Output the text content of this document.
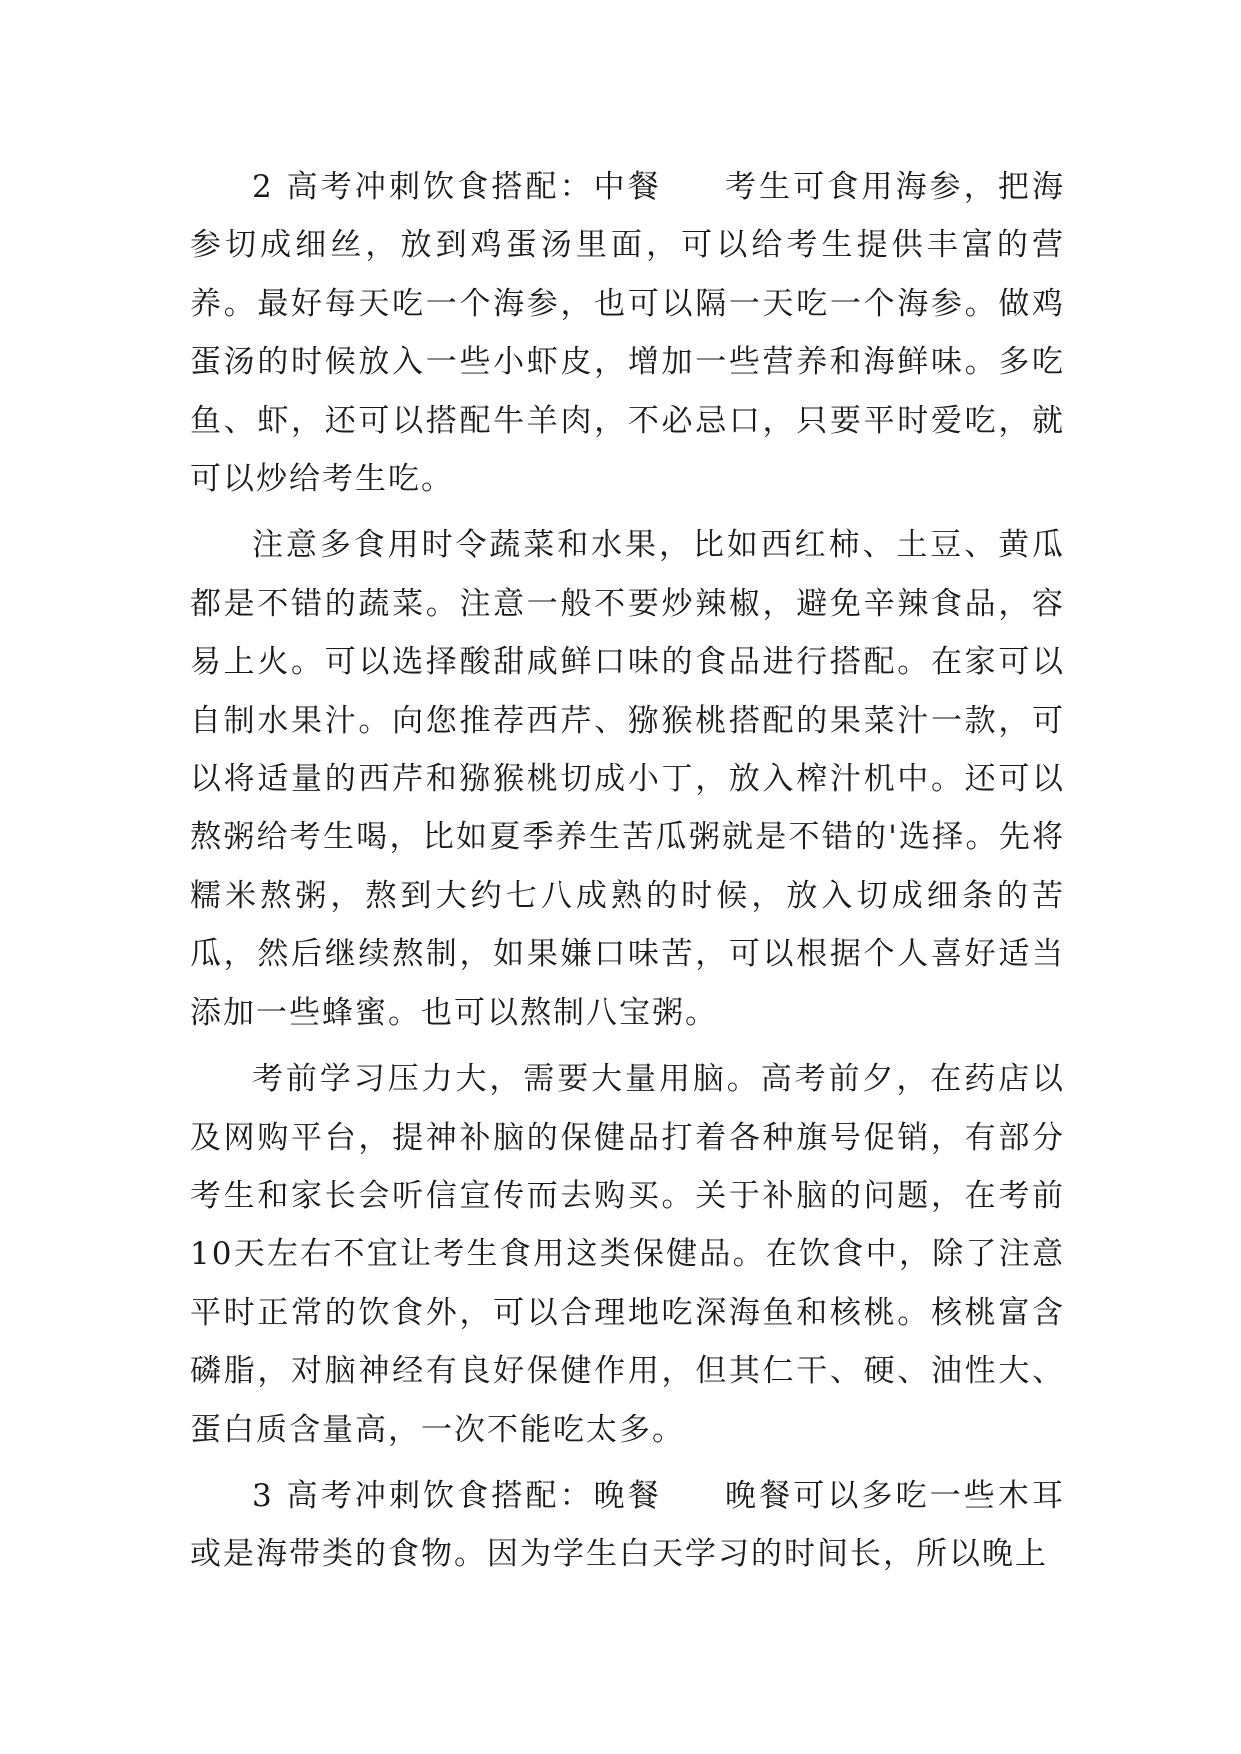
2 高考冲刺饮食搭配：中餐 考生可食用海参，把海参切成细丝，放到鸡蛋汤里面，可以给考生提供丰富的营养。最好每天吃一个海参，也可以隔一天吃一个海参。做鸡蛋汤的时候放入一些小虾皮，增加一些营养和海鲜味。多吃鱼、虾，还可以搭配牛羊肉，不必忌口，只要平时爱吃，就可以炒给考生吃。

注意多食用时令蔬菜和水果，比如西红柿、土豆、黄瓜都是不错的蔬菜。注意一般不要炒辣椒，避免辛辣食品，容易上火。可以选择酸甜咸鲜口味的食品进行搭配。在家可以自制水果汁。向您推荐西芹、猕猴桃搭配的果菜汁一款，可以将适量的西芹和猕猴桃切成小丁，放入榨汁机中。还可以熬粥给考生喝，比如夏季养生苦瓜粥就是不错的'选择。先将糯米熬粥，熬到大约七八成熟的时候，放入切成细条的苦瓜，然后继续熬制，如果嫌口味苦，可以根据个人喜好适当添加一些蜂蜜。也可以熬制八宝粥。

考前学习压力大，需要大量用脑。高考前夕，在药店以及网购平台，提神补脑的保健品打着各种旗号促销，有部分考生和家长会听信宣传而去购买。关于补脑的问题，在考前10天左右不宜让考生食用这类保健品。在饮食中，除了注意平时正常的饮食外，可以合理地吃深海鱼和核桃。核桃富含磷脂，对脑神经有良好保健作用，但其仁干、硬、油性大、蛋白质含量高，一次不能吃太多。

3 高考冲刺饮食搭配：晚餐 晚餐可以多吃一些木耳或是海带类的食物。因为学生白天学习的时间长，所以晚上
